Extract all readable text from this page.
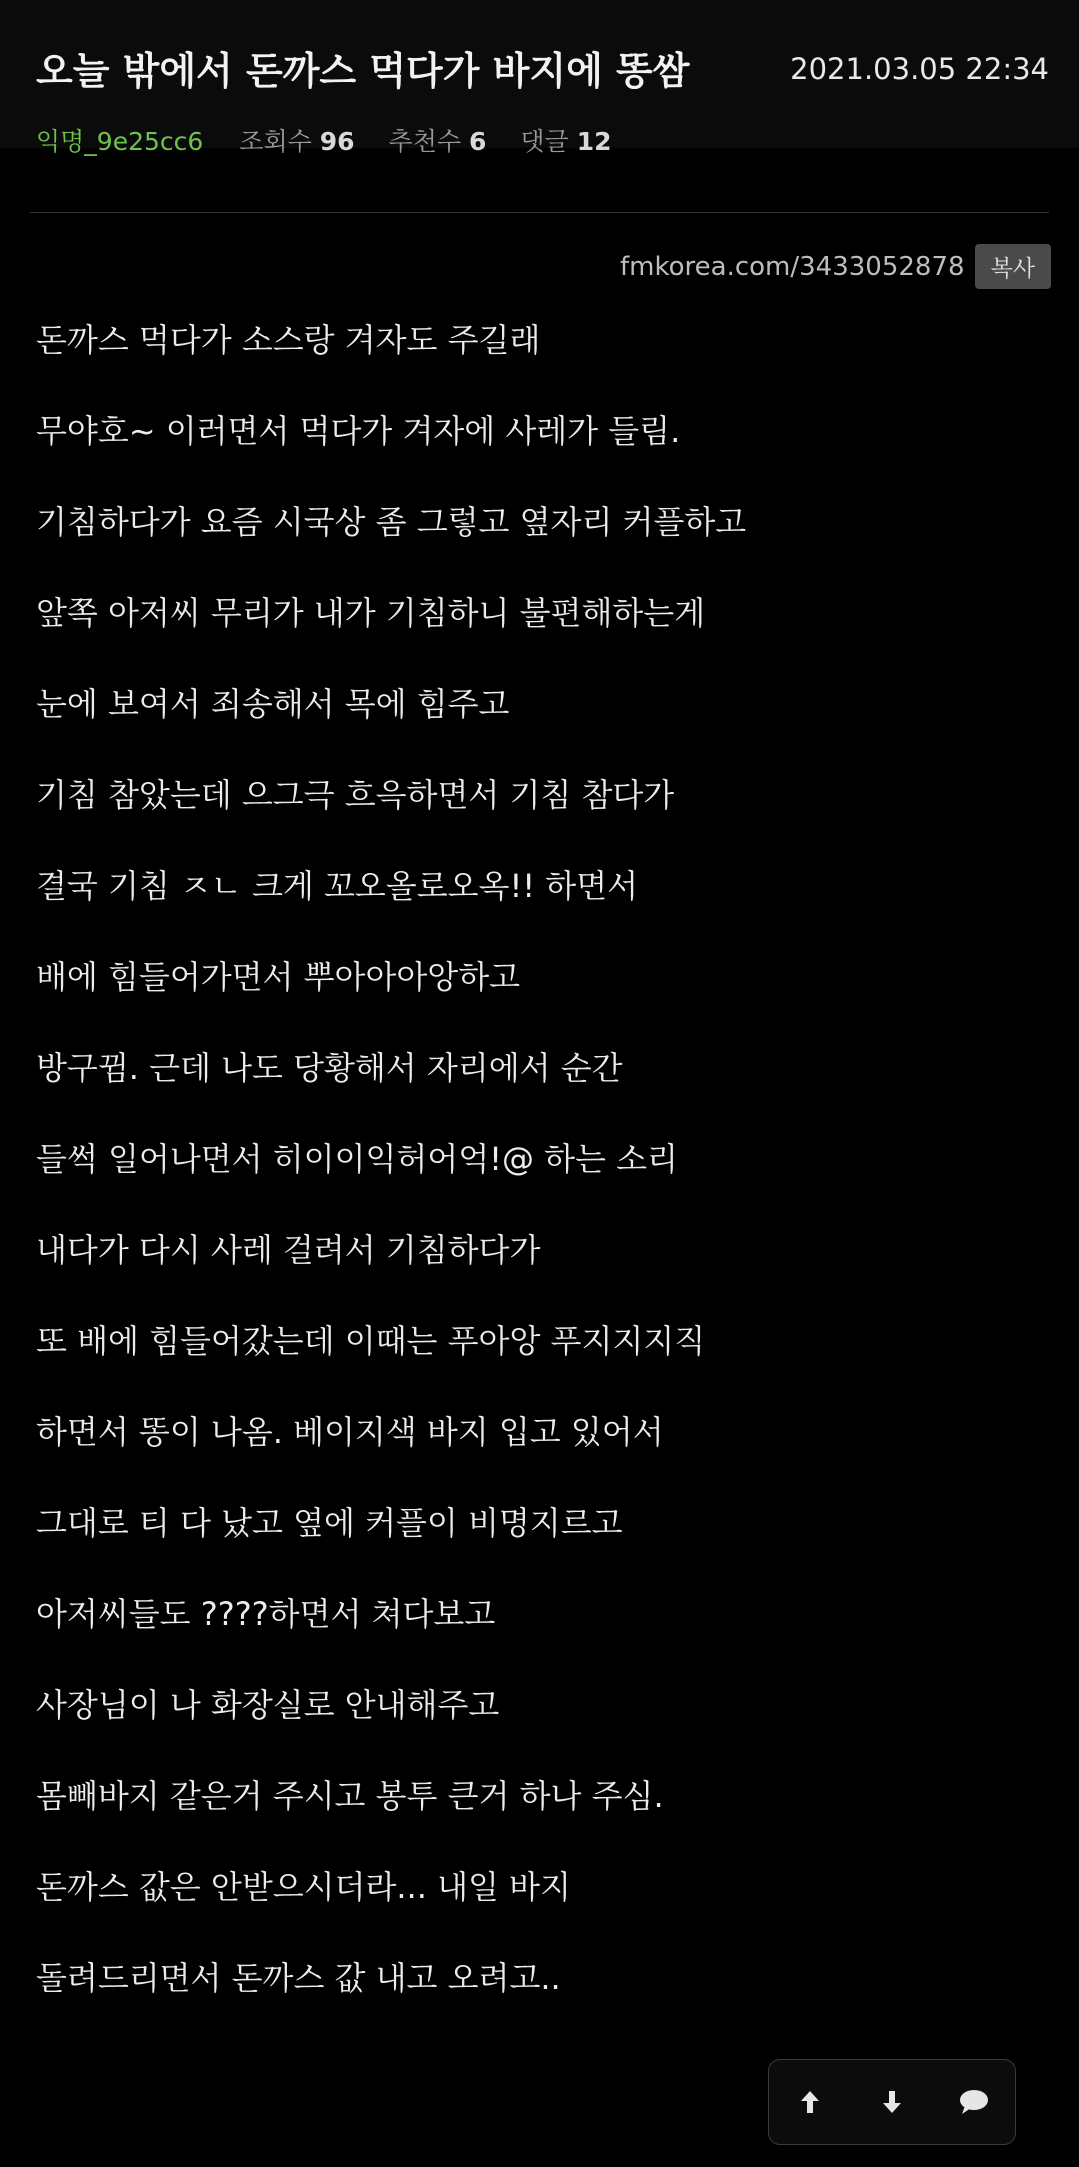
오늘 밖에서 돈까스 먹다가 바지에 똥쌈	2021.03.05 22:34
익명_9e25cc6 조회수 96 추천수 6 댓글 12
fmkorea.com/3433052878	복사
돈까스 먹다가 소스랑 겨자도 주길래
무야호~ 이러면서 먹다가 겨자에 사레가 들림.
기침하다가 요즘 시국상 좀 그렇고 옆자리 커플하고
앞쪽 아저씨 무리가 내가 기침하니 불편해하는게
눈에 보여서 죄송해서 목에 힘주고
기침 참았는데 으그극 흐윽하면서 기침 참다가
결국 기침 ㅈㄴ 크게 꼬오올로오옥!! 하면서
배에 힘들어가면서 뿌아아아앙하고
방구뀜. 근데 나도 당황해서 자리에서 순간
들썩 일어나면서 히이이익허어억!@ 하는 소리
내다가 다시 사레 걸려서 기침하다가
또 배에 힘들어갔는데 이때는 푸아앙 푸지지지직
하면서 똥이 나옴. 베이지색 바지 입고 있어서
그대로 티 다 났고 옆에 커플이 비명지르고
아저씨들도 ????하면서 쳐다보고
사장님이 나 화장실로 안내해주고
몸빼바지 같은거 주시고 봉투 큰거 하나 주심.
돈까스 값은 안받으시더라... 내일 바지
돌려드리면서 돈까스 값 내고 오려고..
